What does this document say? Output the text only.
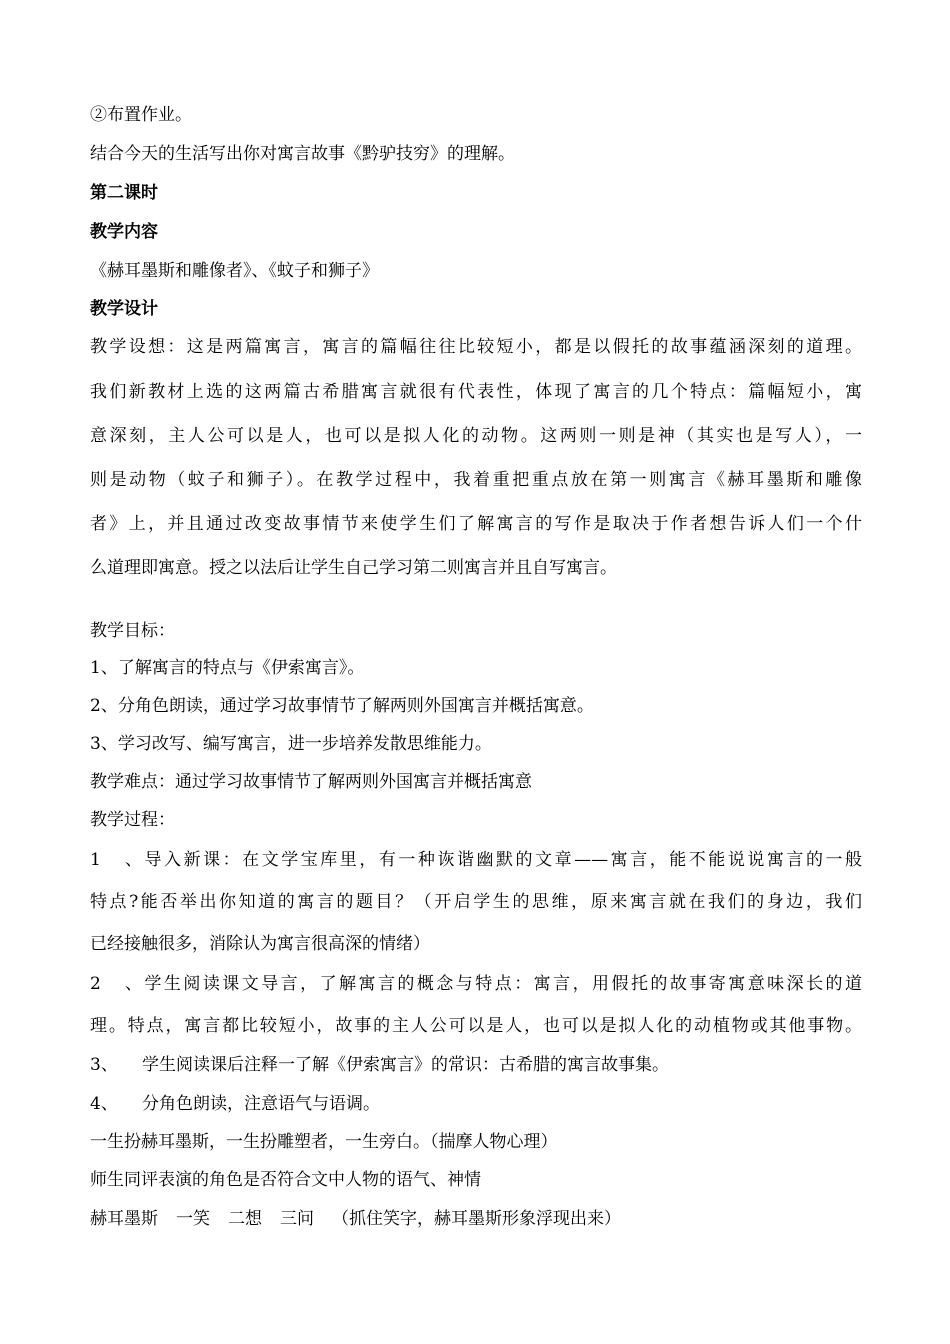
②布置作业。
结合今天的生活写出你对寓言故事《黔驴技穷》的理解。
第二课时
教学内容
《赫耳墨斯和雕像者》、《蚊子和狮子》
教学设计
教学设想：这是两篇寓言，寓言的篇幅往往比较短小，都是以假托的故事蕴涵深刻的道理。
我们新教材上选的这两篇古希腊寓言就很有代表性，体现了寓言的几个特点：篇幅短小，寓
意深刻，主人公可以是人，也可以是拟人化的动物。这两则一则是神（其实也是写人），一
则是动物（蚊子和狮子）。在教学过程中，我着重把重点放在第一则寓言《赫耳墨斯和雕像
者》上，并且通过改变故事情节来使学生们了解寓言的写作是取决于作者想告诉人们一个什
么道理即寓意。授之以法后让学生自己学习第二则寓言并且自写寓言。
教学目标：
1、了解寓言的特点与《伊索寓言》。
2、分角色朗读，通过学习故事情节了解两则外国寓言并概括寓意。
3、学习改写、编写寓言，进一步培养发散思维能力。
教学难点：通过学习故事情节了解两则外国寓言并概括寓意
教学过程：
1、导入新课：在文学宝库里，有一种诙谐幽默的文章——寓言，能不能说说寓言的一般
特点?能否举出你知道的寓言的题目？（开启学生的思维，原来寓言就在我们的身边，我们
已经接触很多，消除认为寓言很高深的情绪）
2、学生阅读课文导言，了解寓言的概念与特点：寓言，用假托的故事寄寓意味深长的道
理。特点，寓言都比较短小，故事的主人公可以是人，也可以是拟人化的动植物或其他事物。
3、 学生阅读课后注释一了解《伊索寓言》的常识：古希腊的寓言故事集。
4、 分角色朗读，注意语气与语调。
一生扮赫耳墨斯，一生扮雕塑者，一生旁白。（揣摩人物心理）
师生同评表演的角色是否符合文中人物的语气、神情
赫耳墨斯 一笑 二想 三问 （抓住笑字，赫耳墨斯形象浮现出来）
